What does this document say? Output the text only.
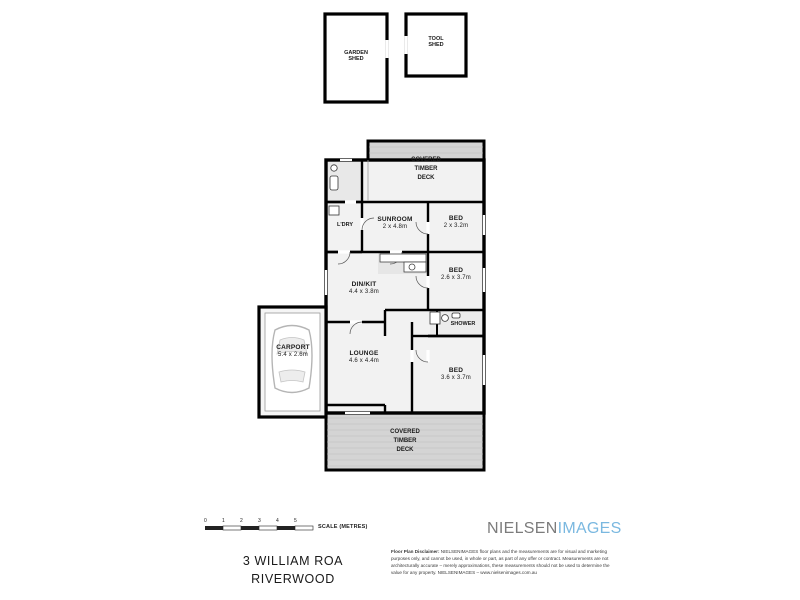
GARDEN
SHED
TOOL
SHED
COVERED
TIMBER
DECK
COVERED
TIMBER
DECK
SUNROOM
2 x 4.8m
BED
2 x 3.2m
BED
2.6 x 3.7m
DIN/KIT
4.4 x 3.8m
LOUNGE
4.6 x 4.4m
BED
3.6 x 3.7m
CARPORT
5.4 x 2.6m
L'DRY
SHOWER
0	1	2	3	4	5
SCALE (METRES)
3 WILLIAM ROA
RIVERWOOD
NIELSENIMAGES
Floor Plan Disclaimer: NIELSENIMAGES floor plans and the measurements are for visual and marketing purposes only, and cannot be used, in whole or part, as part of any offer or contract. Measurements are not architecturally accurate – merely approximations, these measurements should not be used to determine the value for any property. NIELSENIMAGES – www.nielsenimages.com.au
